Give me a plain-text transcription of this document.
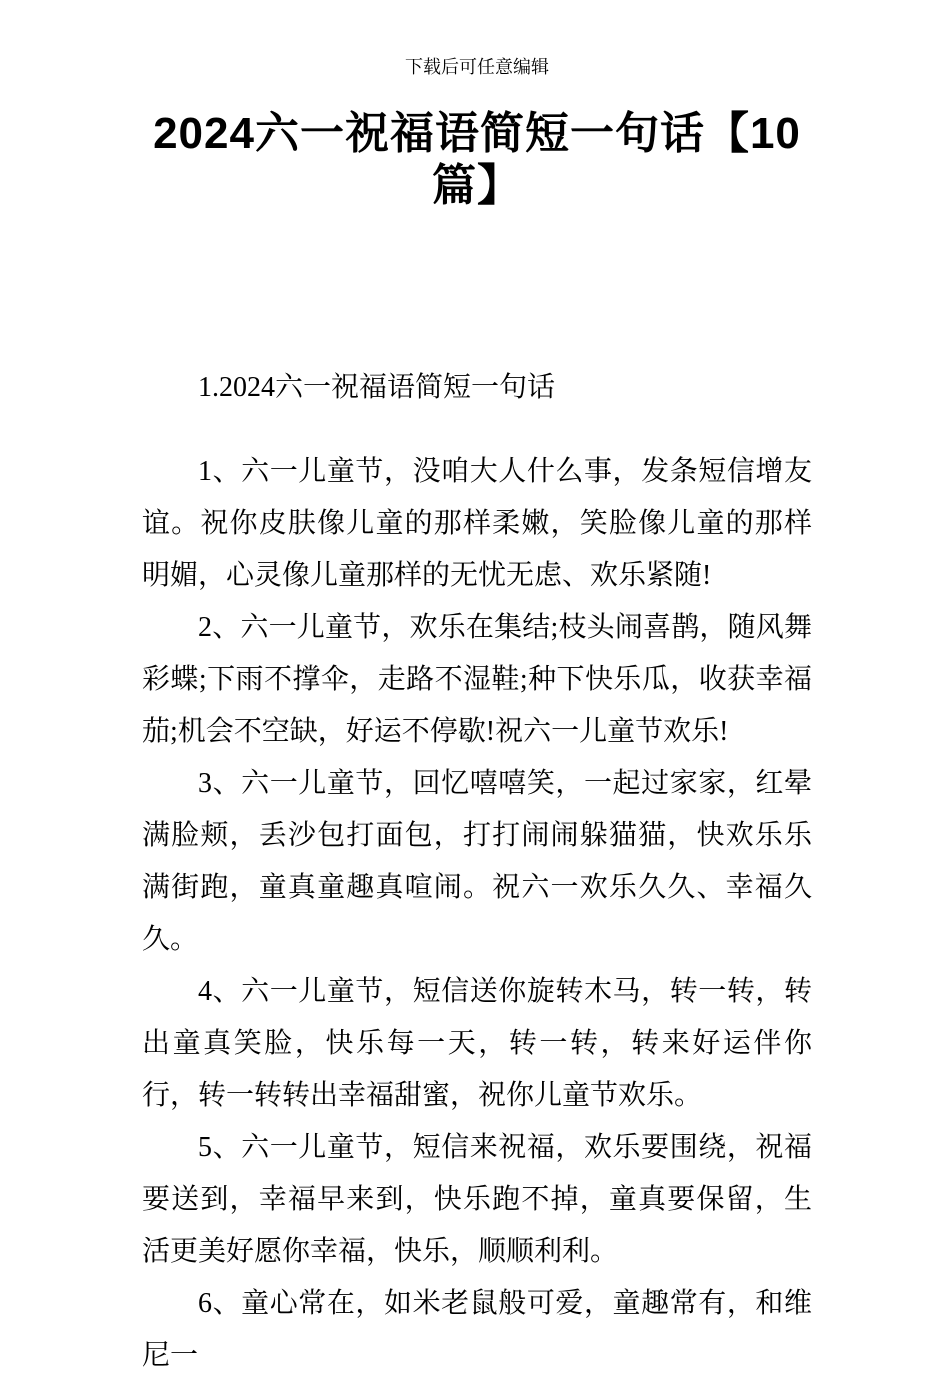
下载后可任意编辑
2024六一祝福语简短一句话【10篇】
1.2024六一祝福语简短一句话

1、六一儿童节，没咱大人什么事，发条短信增友谊。祝你皮肤像儿童的那样柔嫩，笑脸像儿童的那样明媚，心灵像儿童那样的无忧无虑、欢乐紧随!

2、六一儿童节，欢乐在集结;枝头闹喜鹊，随风舞彩蝶;下雨不撑伞，走路不湿鞋;种下快乐瓜，收获幸福茄;机会不空缺，好运不停歇!祝六一儿童节欢乐!

3、六一儿童节，回忆嘻嘻笑，一起过家家，红晕满脸颊，丢沙包打面包，打打闹闹躲猫猫，快欢乐乐满街跑，童真童趣真喧闹。祝六一欢乐久久、幸福久久。

4、六一儿童节，短信送你旋转木马，转一转，转出童真笑脸，快乐每一天，转一转，转来好运伴你行，转一转转出幸福甜蜜，祝你儿童节欢乐。

5、六一儿童节，短信来祝福，欢乐要围绕，祝福要送到，幸福早来到，快乐跑不掉，童真要保留，生活更美好愿你幸福，快乐，顺顺利利。

6、童心常在，如米老鼠般可爱，童趣常有，和维尼一
